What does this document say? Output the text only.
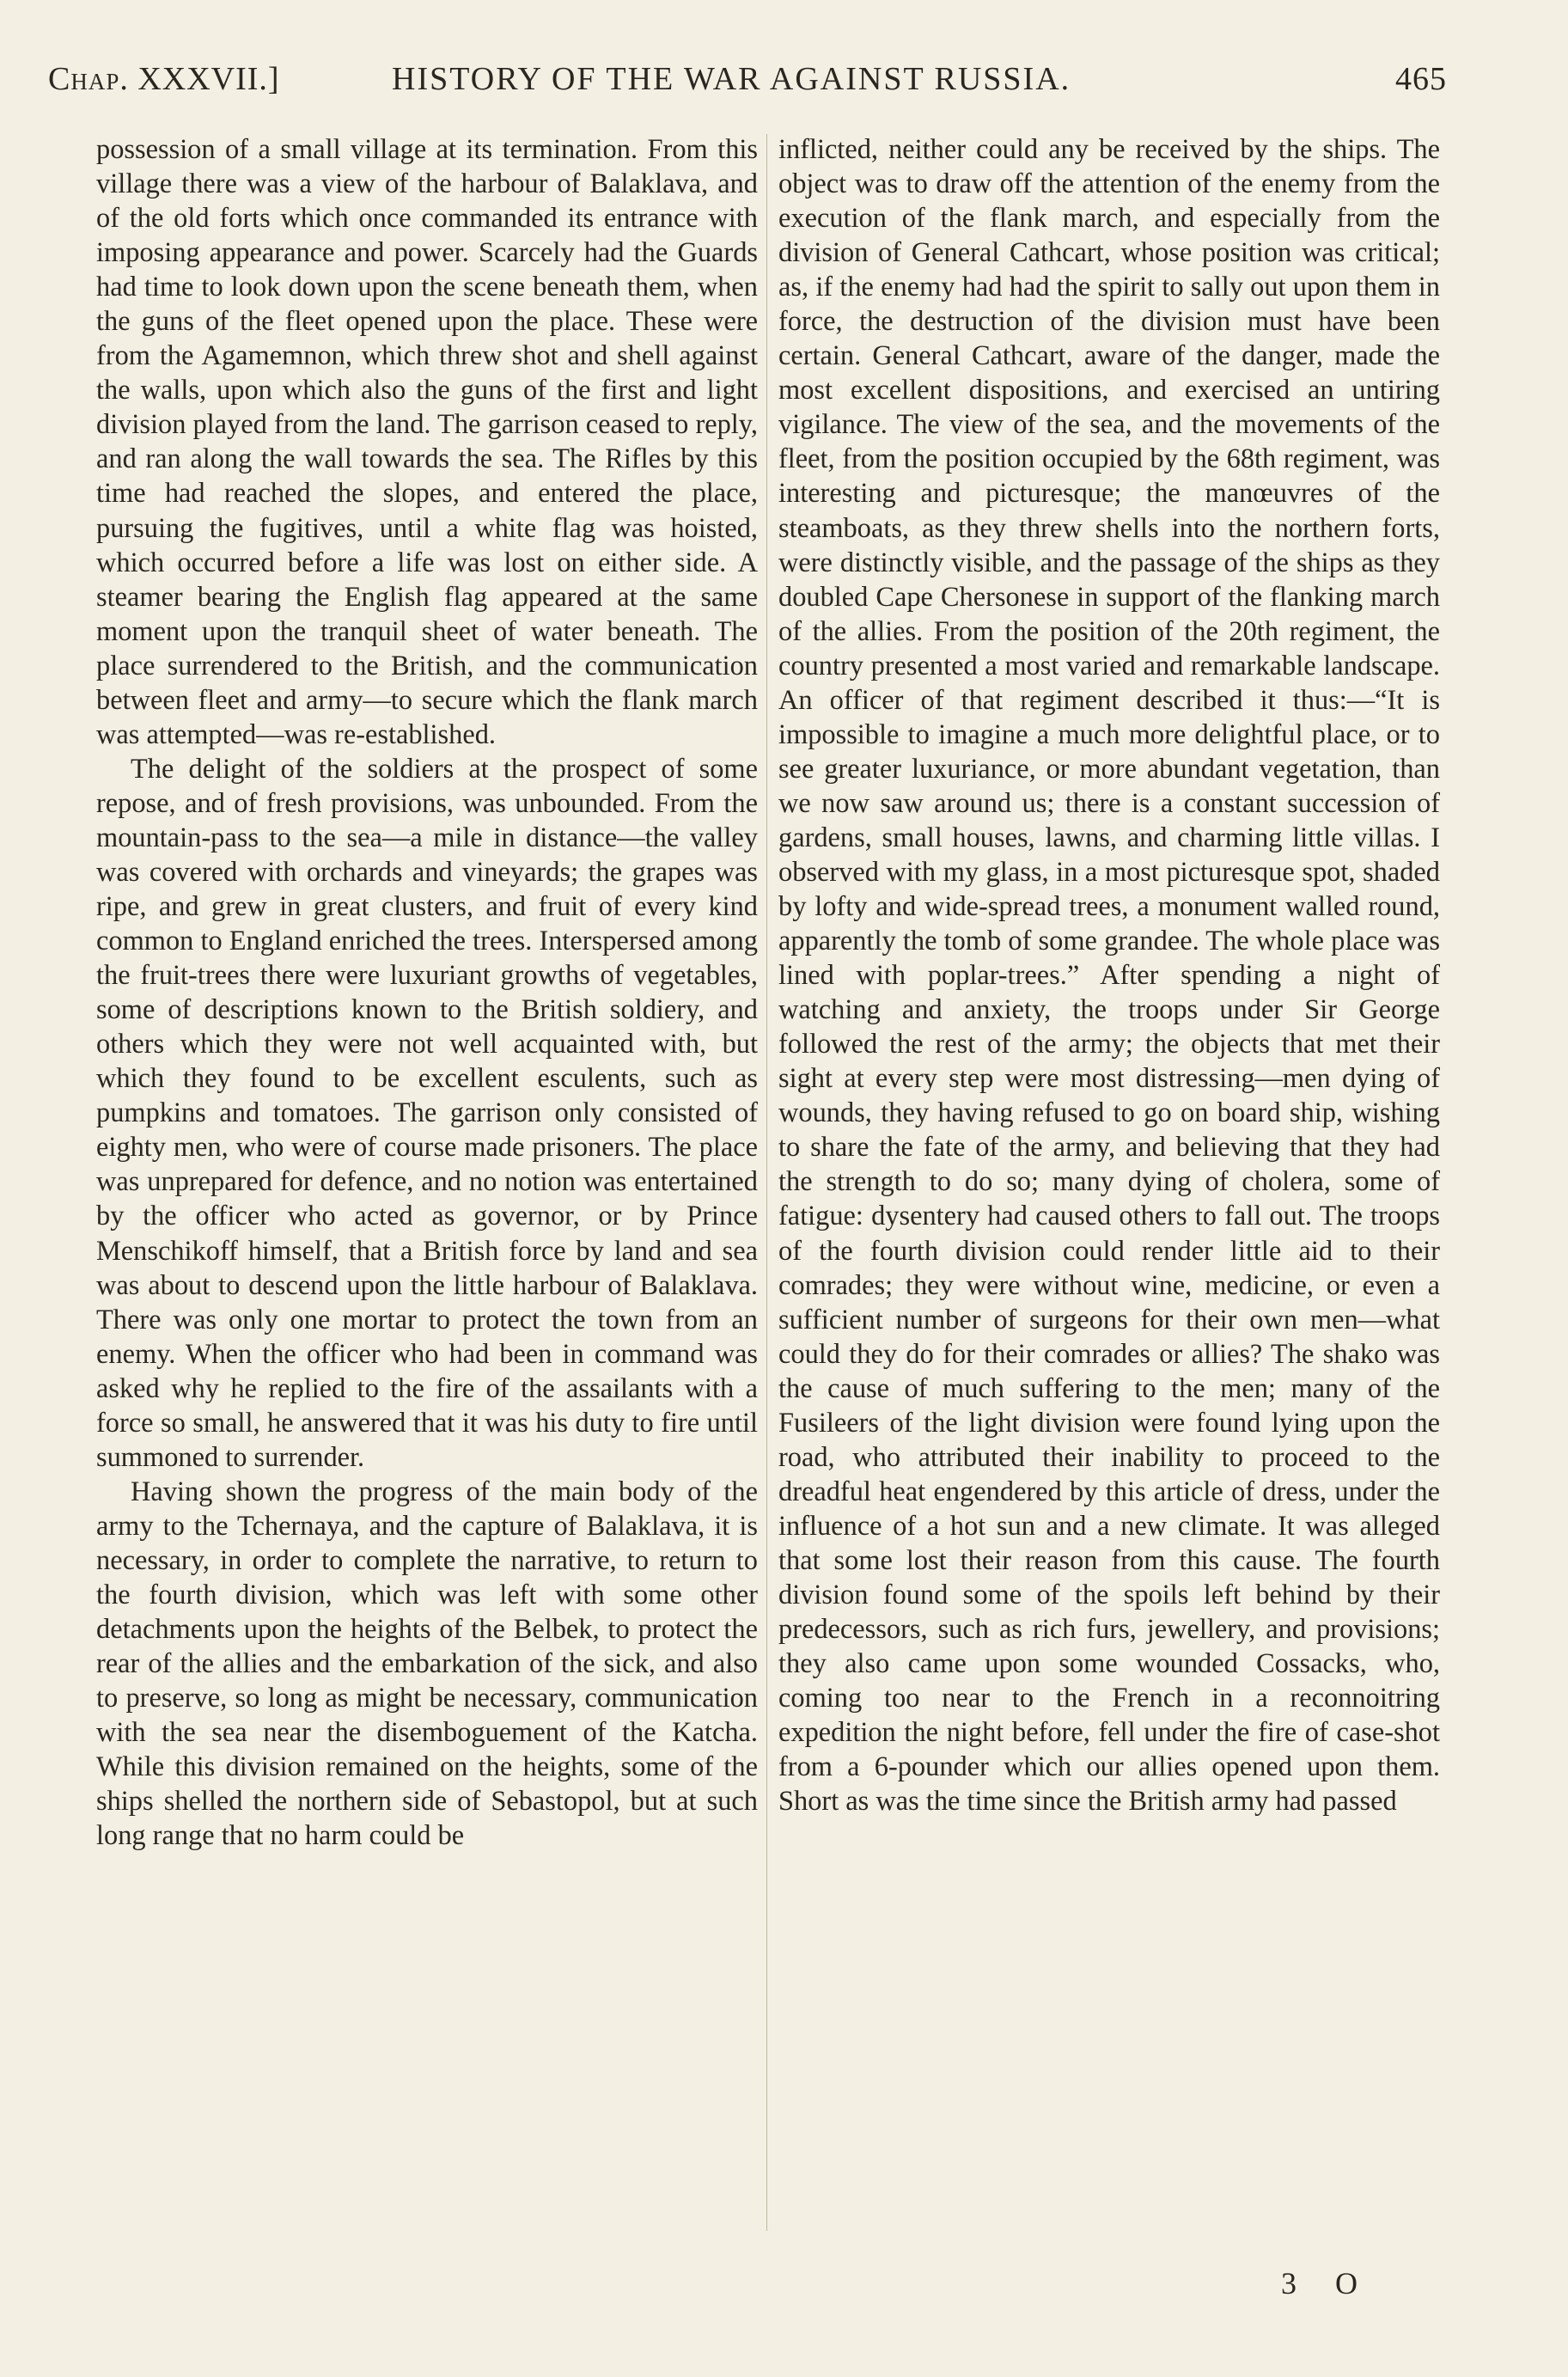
Chap. XXXVII.]	HISTORY OF THE WAR AGAINST RUSSIA.	465

possession of a small village at its termination. From this village there was a view of the harbour of Balaklava, and of the old forts which once commanded its entrance with imposing appearance and power. Scarcely had the Guards had time to look down upon the scene beneath them, when the guns of the fleet opened upon the place. These were from the Agamemnon, which threw shot and shell against the walls, upon which also the guns of the first and light division played from the land. The garrison ceased to reply, and ran along the wall towards the sea. The Rifles by this time had reached the slopes, and entered the place, pursuing the fugitives, until a white flag was hoisted, which occurred before a life was lost on either side. A steamer bearing the English flag appeared at the same moment upon the tranquil sheet of water beneath. The place surrendered to the British, and the communication between fleet and army—to secure which the flank march was attempted—was re-established.

The delight of the soldiers at the prospect of some repose, and of fresh provisions, was unbounded. From the mountain-pass to the sea—a mile in distance—the valley was covered with orchards and vineyards; the grapes was ripe, and grew in great clusters, and fruit of every kind common to England enriched the trees. Interspersed among the fruit-trees there were luxuriant growths of vegetables, some of descriptions known to the British soldiery, and others which they were not well acquainted with, but which they found to be excellent esculents, such as pumpkins and tomatoes. The garrison only consisted of eighty men, who were of course made prisoners. The place was unprepared for defence, and no notion was entertained by the officer who acted as governor, or by Prince Menschikoff himself, that a British force by land and sea was about to descend upon the little harbour of Balaklava. There was only one mortar to protect the town from an enemy. When the officer who had been in command was asked why he replied to the fire of the assailants with a force so small, he answered that it was his duty to fire until summoned to surrender.

Having shown the progress of the main body of the army to the Tchernaya, and the capture of Balaklava, it is necessary, in order to complete the narrative, to return to the fourth division, which was left with some other detachments upon the heights of the Belbek, to protect the rear of the allies and the embarkation of the sick, and also to preserve, so long as might be necessary, communication with the sea near the disemboguement of the Katcha. While this division remained on the heights, some of the ships shelled the northern side of Sebastopol, but at such long range that no harm could be

inflicted, neither could any be received by the ships. The object was to draw off the attention of the enemy from the execution of the flank march, and especially from the division of General Cathcart, whose position was critical; as, if the enemy had had the spirit to sally out upon them in force, the destruction of the division must have been certain. General Cathcart, aware of the danger, made the most excellent dispositions, and exercised an untiring vigilance. The view of the sea, and the movements of the fleet, from the position occupied by the 68th regiment, was interesting and picturesque; the manœuvres of the steamboats, as they threw shells into the northern forts, were distinctly visible, and the passage of the ships as they doubled Cape Chersonese in support of the flanking march of the allies. From the position of the 20th regiment, the country presented a most varied and remarkable landscape. An officer of that regiment described it thus:—“It is impossible to imagine a much more delightful place, or to see greater luxuriance, or more abundant vegetation, than we now saw around us; there is a constant succession of gardens, small houses, lawns, and charming little villas. I observed with my glass, in a most picturesque spot, shaded by lofty and wide-spread trees, a monument walled round, apparently the tomb of some grandee. The whole place was lined with poplar-trees.” After spending a night of watching and anxiety, the troops under Sir George followed the rest of the army; the objects that met their sight at every step were most distressing—men dying of wounds, they having refused to go on board ship, wishing to share the fate of the army, and believing that they had the strength to do so; many dying of cholera, some of fatigue: dysentery had caused others to fall out. The troops of the fourth division could render little aid to their comrades; they were without wine, medicine, or even a sufficient number of surgeons for their own men—what could they do for their comrades or allies? The shako was the cause of much suffering to the men; many of the Fusileers of the light division were found lying upon the road, who attributed their inability to proceed to the dreadful heat engendered by this article of dress, under the influence of a hot sun and a new climate. It was alleged that some lost their reason from this cause. The fourth division found some of the spoils left behind by their predecessors, such as rich furs, jewellery, and provisions; they also came upon some wounded Cossacks, who, coming too near to the French in a reconnoitring expedition the night before, fell under the fire of case-shot from a 6-pounder which our allies opened upon them. Short as was the time since the British army had passed

3 O
